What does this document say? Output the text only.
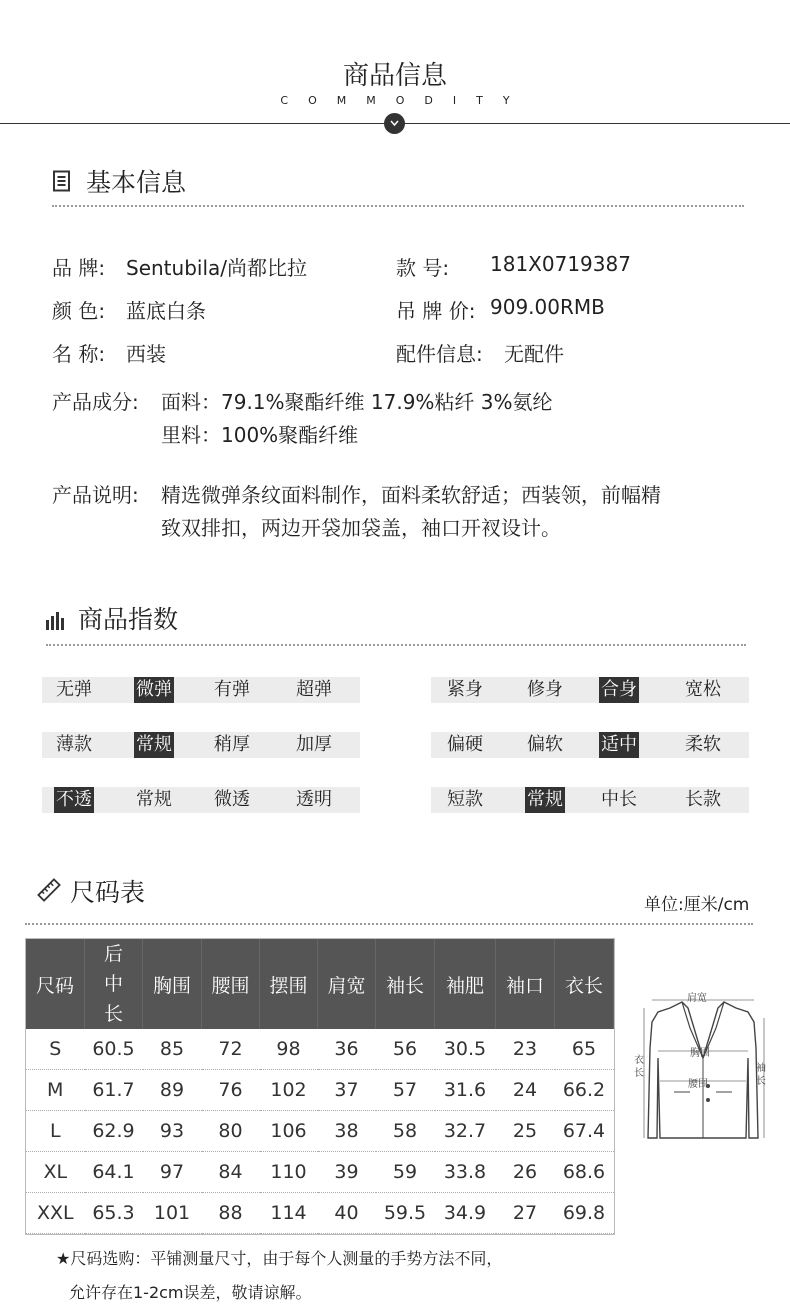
商品信息
COMMODITY
基本信息
品 牌: Sentubila/尚都比拉	款 号: 181X0719387
颜 色: 蓝底白条	吊 牌 价: 909.00RMB
名 称: 西装	配件信息: 无配件
产品成分: 面料：79.1%聚酯纤维 17.9%粘纤 3%氨纶
里料：100%聚酯纤维
产品说明: 精选微弹条纹面料制作，面料柔软舒适；西装领，前幅精
致双排扣，两边开袋加袋盖，袖口开衩设计。
商品指数
无弹 微弹 有弹	超弹	紧身 修身 合身	宽松
薄款 常规 稍厚	加厚	偏硬 偏软 适中	柔软
不透 常规 微透	透明	短款 常规 中长	长款
尺码表	单位:厘米/cm
尺码	后中长	胸围	腰围	摆围	肩宽	袖长	袖肥	袖口	衣长
S	60.5	85	72	98	36	56	30.5	23	65
M	61.7	89	76	102	37	57	31.6	24	66.2
L	62.9	93	80	106	38	58	32.7	25	67.4
XL	64.1	97	84	110	39	59	33.8	26	68.6
XXL	65.3	101	88	114	40	59.5	34.9	27	69.8
肩宽
胸围
腰围
衣长	袖长
★尺码选购：平铺测量尺寸，由于每个人测量的手势方法不同，
允许存在1-2cm误差，敬请谅解。
